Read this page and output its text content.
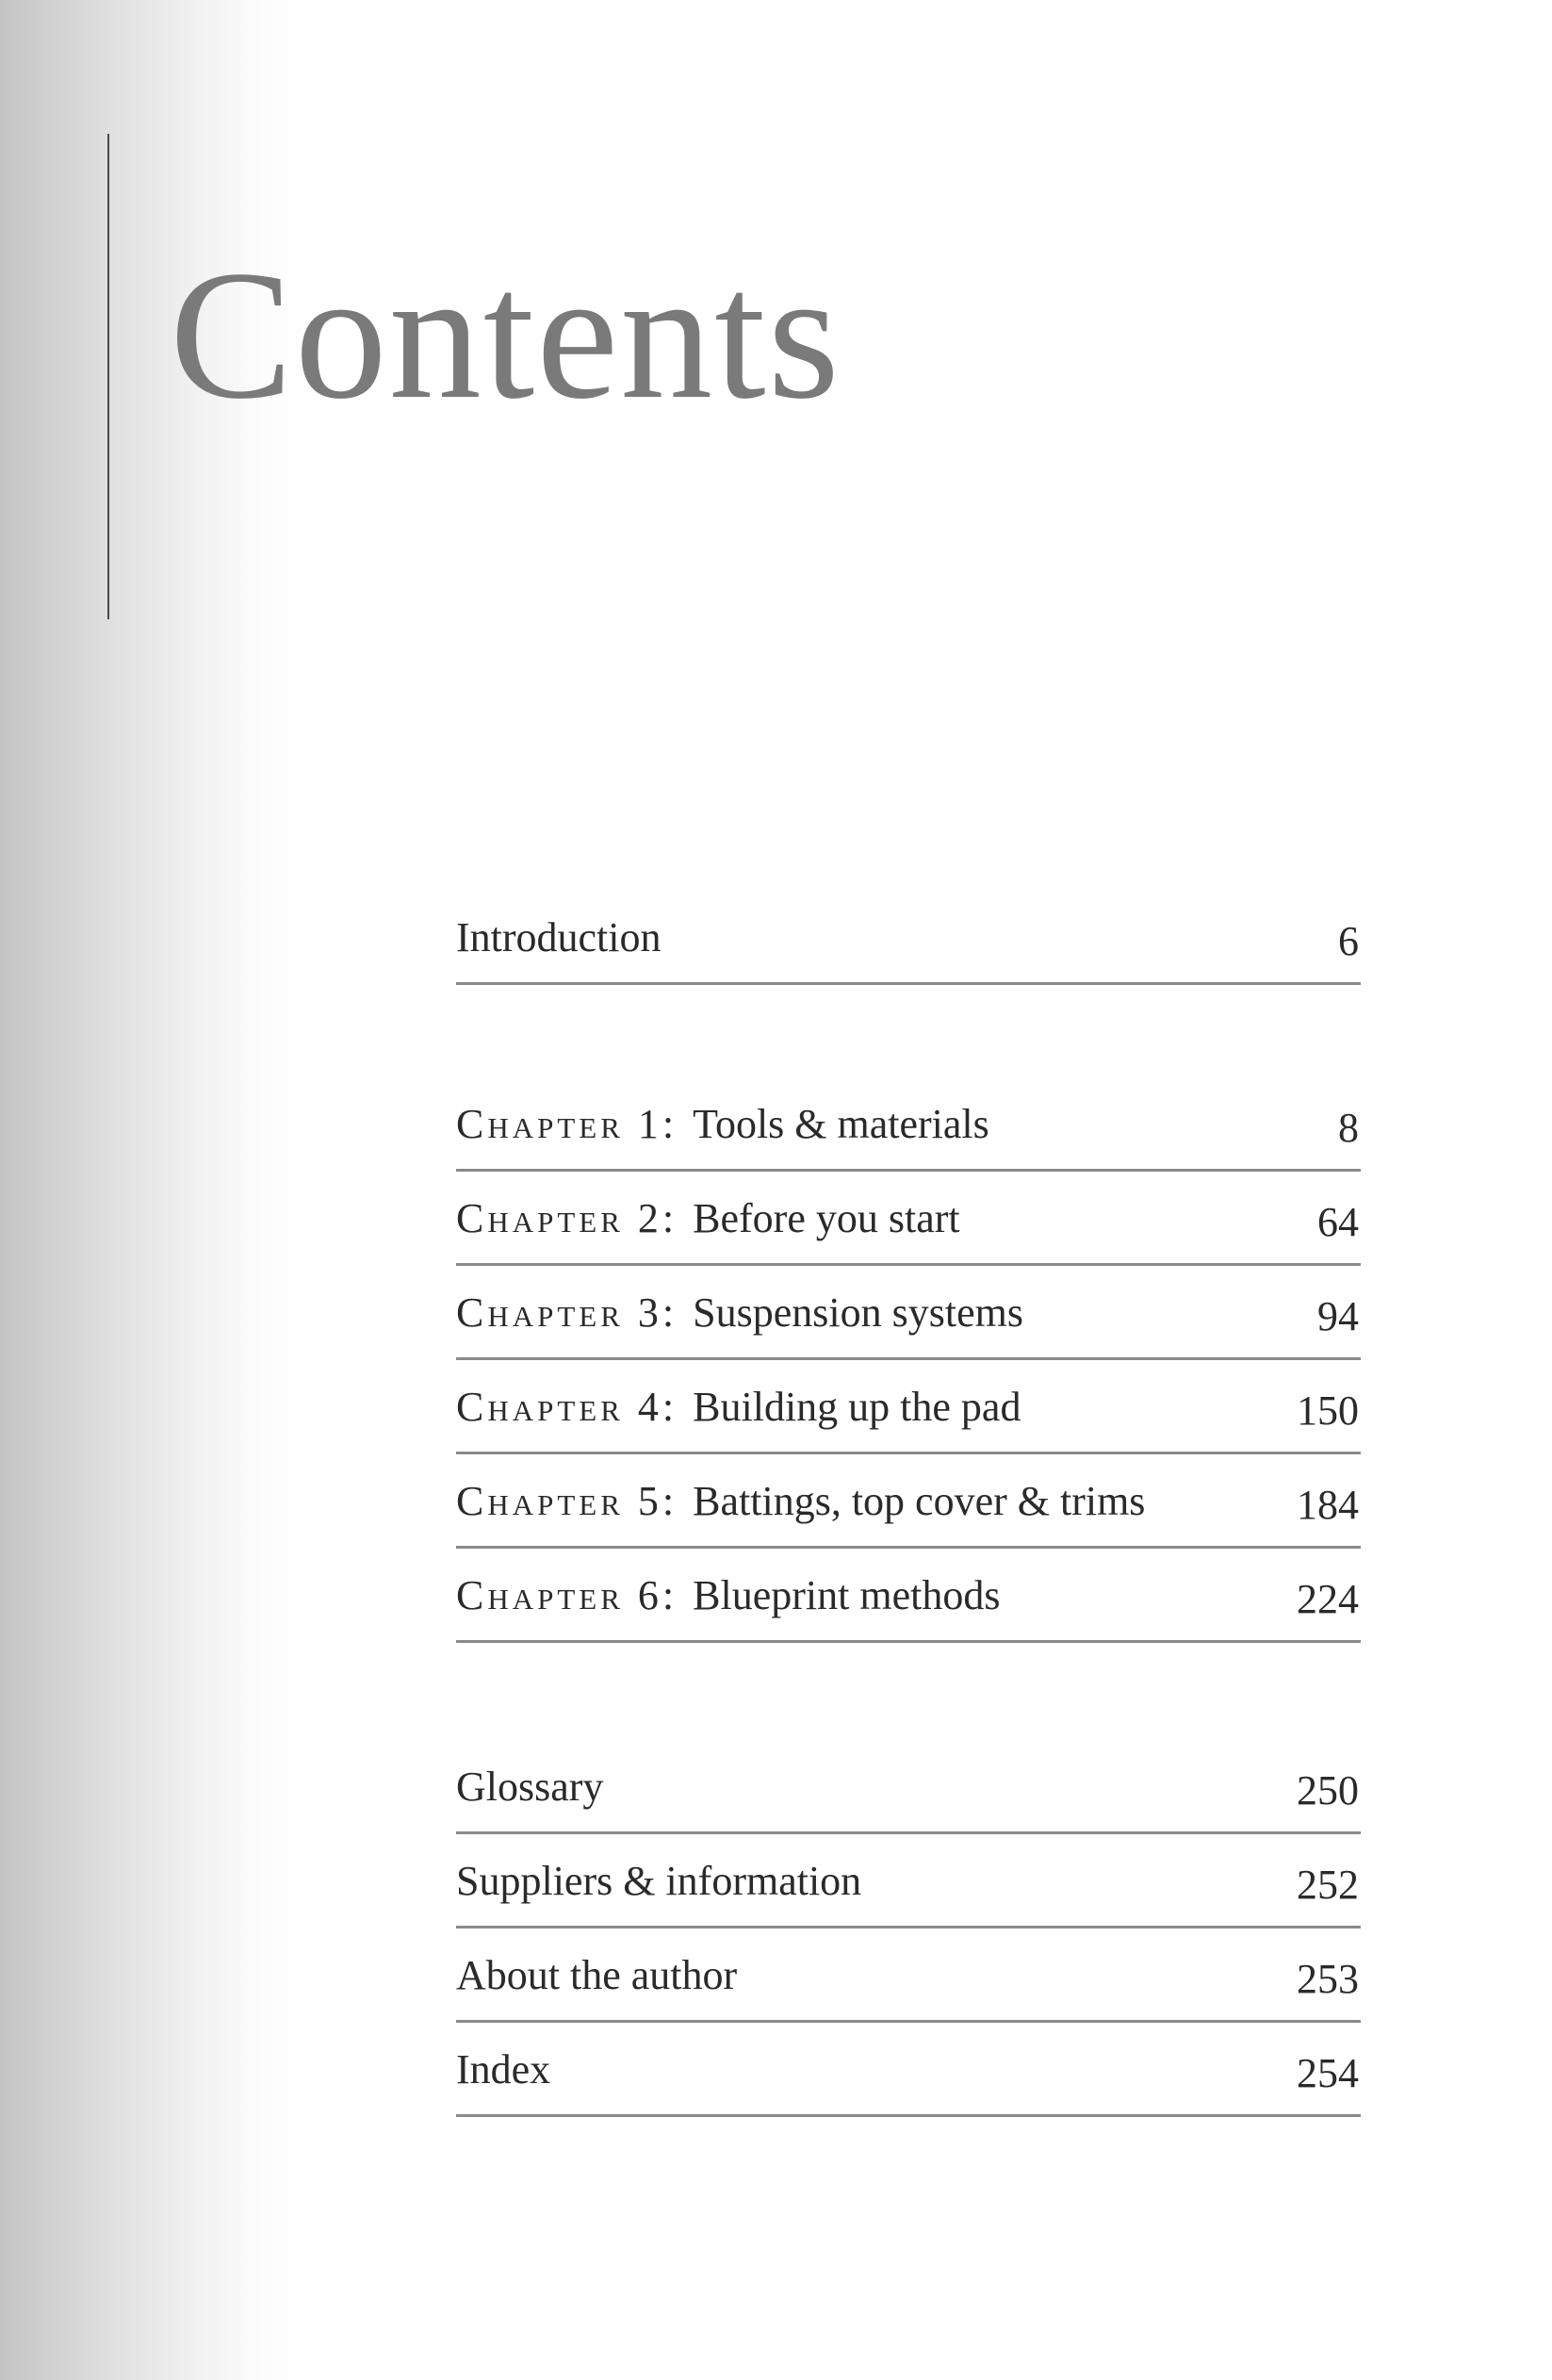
Contents
Introduction	6
Chapter 1: Tools & materials	8
Chapter 2: Before you start	64
Chapter 3: Suspension systems	94
Chapter 4: Building up the pad	150
Chapter 5: Battings, top cover & trims	184
Chapter 6: Blueprint methods	224
Glossary	250
Suppliers & information	252
About the author	253
Index	254
